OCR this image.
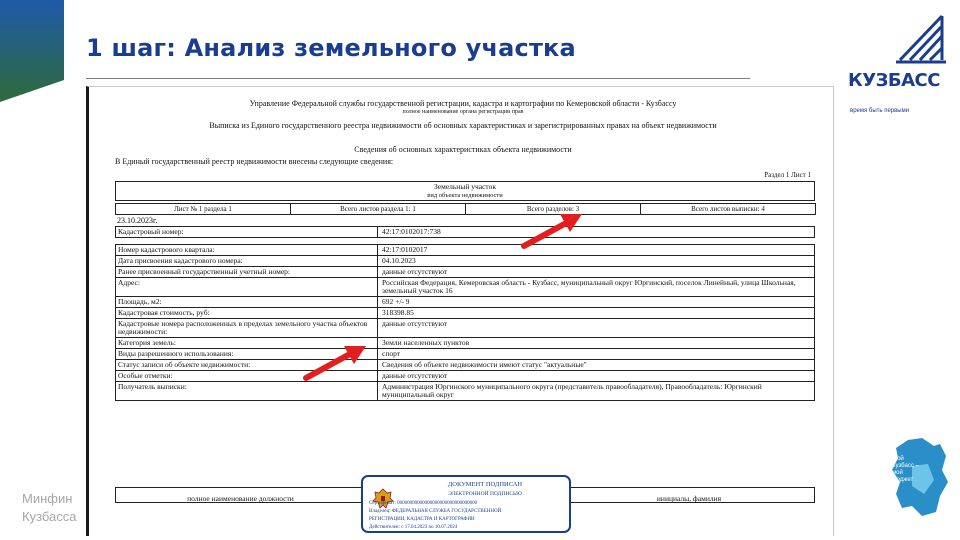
1 шаг: Анализ земельного участка
КУЗБАСС
время быть первыми
Управление Федеральной службы государственной регистрации, кадастра и картографии по Кемеровской области - Кузбассу
полное наименование органа регистрации прав
Выписка из Единого государственного реестра недвижимости об основных характеристиках и зарегистрированных правах на объект недвижимости
Сведения об основных характеристиках объекта недвижимости
В Единый государственный реестр недвижимости внесены следующие сведения:
Раздел 1 Лист 1
Земельный участок
вид объекта недвижимости
Лист № 1 раздела 1	Всего листов раздела 1: 1	Всего разделов: 3	Всего листов выписки: 4
23.10.2023г.
Кадастровый номер:	42:17:0102017:738
Номер кадастрового квартала:	42:17:0102017
Дата присвоения кадастрового номера:	04.10.2023
Ранее присвоенный государственный учетный номер:	данные отсутствуют
Адрес:	Российская Федерация, Кемеровская область - Кузбасс, муниципальный округ Юргинский, поселок Линейный, улица Школьная, земельный участок 16
Площадь, м2:	692 +/- 9
Кадастровая стоимость, руб:	318398.85
Кадастровые номера расположенных в пределах земельного участка объектов недвижимости:
данные отсутствуют
Категория земель:	Земли населенных пунктов
Виды разрешенного использования:	спорт
Статус записи об объекте недвижимости:	Сведения об объекте недвижимости имеют статус "актуальные"
Особые отметки:	данные отсутствуют
Получатель выписки:	Администрация Юргинского муниципального округа (представитель правообладателя), Правообладатель: Юргинский муниципальный округ
полное наименование должности	инициалы, фамилия
ДОКУМЕНТ ПОДПИСАН
ЭЛЕКТРОННОЙ ПОДПИСЬЮ
Сертификат: 00000000000000000000000000000000
Владелец: ФЕДЕРАЛЬНАЯ СЛУЖБА ГОСУДАРСТВЕННОЙ
РЕГИСТРАЦИИ, КАДАСТРА И КАРТОГРАФИИ
Действителен: с 17.04.2023 по 10.07.2024
Мой
Кузбасс –
мой
бюджет
Минфин
Кузбасса
